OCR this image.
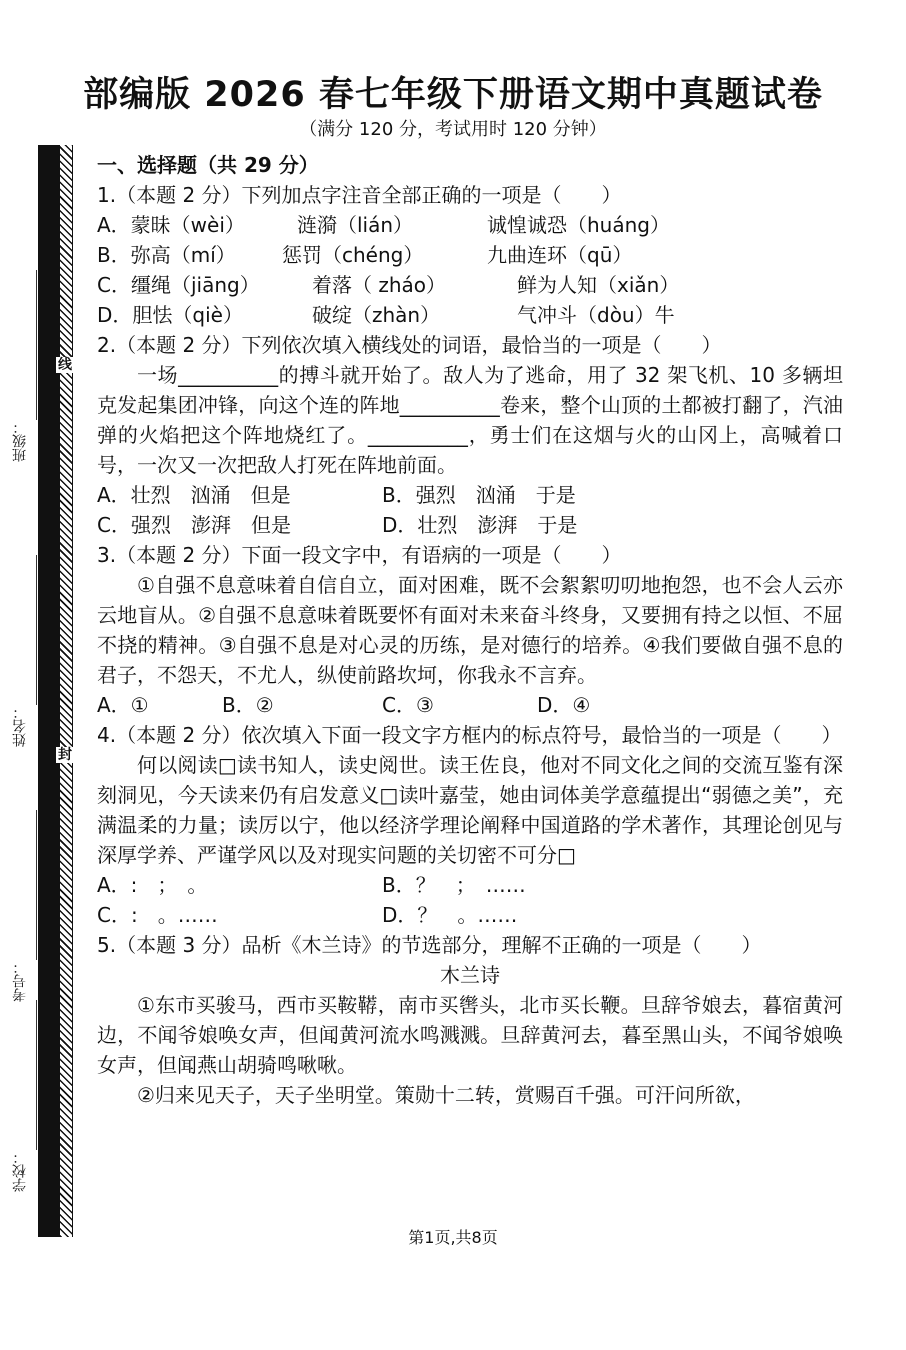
部编版 2026 春七年级下册语文期中真题试卷
（满分 120 分，考试用时 120 分钟）
线
封
班级：
姓名：
考号：
学校：

一、选择题（共 29 分）

1.（本题 2 分）下列加点字注音全部正确的一项是（　　）

A．蒙昧（wèi）	涟漪（lián）	诚惶诚恐（huáng）

B．弥高（mí） 惩罚（chéng）	九曲连环（qū）

C．缰绳（jiāng）	着落（ zháo）	鲜为人知（xiǎn）

D．胆怯（qiè）	破绽（zhàn）	气冲斗（dòu）牛

2.（本题 2 分）下列依次填入横线处的词语，最恰当的一项是（　　）

一场__________的搏斗就开始了。敌人为了逃命，用了 32 架飞机、10 多辆坦克发起集团冲锋，向这个连的阵地__________卷来，整个山顶的土都被打翻了，汽油弹的火焰把这个阵地烧红了。__________，勇士们在这烟与火的山冈上，高喊着口号，一次又一次把敌人打死在阵地前面。

A．壮烈　汹涌　但是	B．强烈　汹涌　于是

C．强烈　澎湃　但是	D．壮烈　澎湃　于是

3.（本题 2 分）下面一段文字中，有语病的一项是（　　）

①自强不息意味着自信自立，面对困难，既不会絮絮叨叨地抱怨，也不会人云亦云地盲从。②自强不息意味着既要怀有面对未来奋斗终身，又要拥有持之以恒、不屈不挠的精神。③自强不息是对心灵的历练，是对德行的培养。④我们要做自强不息的君子，不怨天，不尤人，纵使前路坎坷，你我永不言弃。

A．①	B．②	C．③	D．④

4.（本题 2 分）依次填入下面一段文字方框内的标点符号，最恰当的一项是（　　）

何以阅读□读书知人，读史阅世。读王佐良，他对不同文化之间的交流互鉴有深刻洞见，今天读来仍有启发意义□读叶嘉莹，她由词体美学意蕴提出“弱德之美”，充满温柔的力量；读厉以宁，他以经济学理论阐释中国道路的学术著作，其理论创见与深厚学养、严谨学风以及对现实问题的关切密不可分□

A．:　；　。	B．？　；　……

C．:　。……	D．？　。……

5.（本题 3 分）品析《木兰诗》的节选部分，理解不正确的一项是（　　）

木兰诗

①东市买骏马，西市买鞍鞯，南市买辔头，北市买长鞭。旦辞爷娘去，暮宿黄河边，不闻爷娘唤女声，但闻黄河流水鸣溅溅。旦辞黄河去，暮至黑山头，不闻爷娘唤女声，但闻燕山胡骑鸣啾啾。

②归来见天子，天子坐明堂。策勋十二转，赏赐百千强。可汗问所欲，

第1页,共8页
